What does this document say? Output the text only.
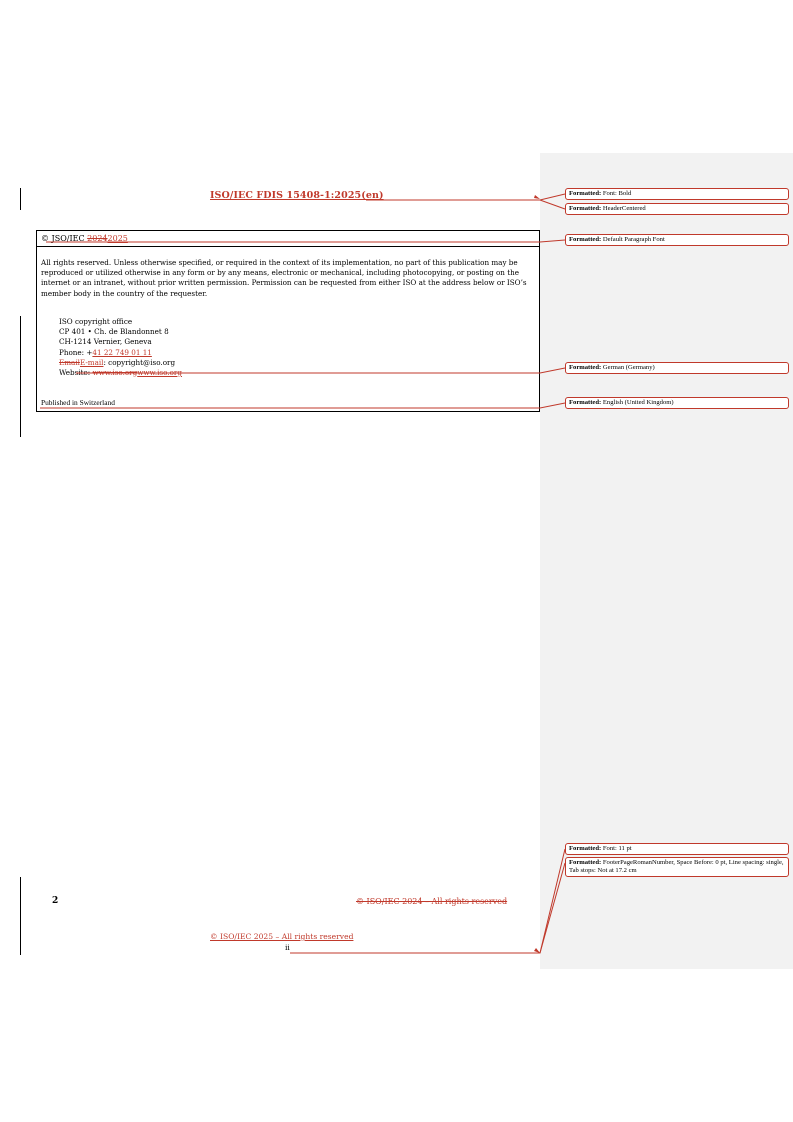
ISO/IEC FDIS 15408-1:2025(en)
© JSO/IEC 20242025
All rights reserved. Unless otherwise specified, or required in the context of its implementation, no part of this publication may be reproduced or utilized otherwise in any form or by any means, electronic or mechanical, including photocopying, or posting on the internet or an intranet, without prior written permission. Permission can be requested from either ISO at the address below or ISO’s member body in the country of the requester.
ISO copyright office
CP 401 • Ch. de Blandonnet 8
CH-1214 Vernier, Geneva
Phone: +41 22 749 01 11
EmailE-mail: copyright@iso.org
Website: www.iso.orgwww.iso.org
Published in Switzerland
2	© ISO/IEC 2024 – All rights reserved
© ISO/IEC 2025 – All rights reserved
ii
Formatted: Font: Bold
Formatted: HeaderCentered
Formatted: Default Paragraph Font
Formatted: German (Germany)
Formatted: English (United Kingdom)
Formatted: Font: 11 pt
Formatted: FooterPageRomanNumber, Space Before: 0 pt, Line spacing: single, Tab stops: Not at 17.2 cm
